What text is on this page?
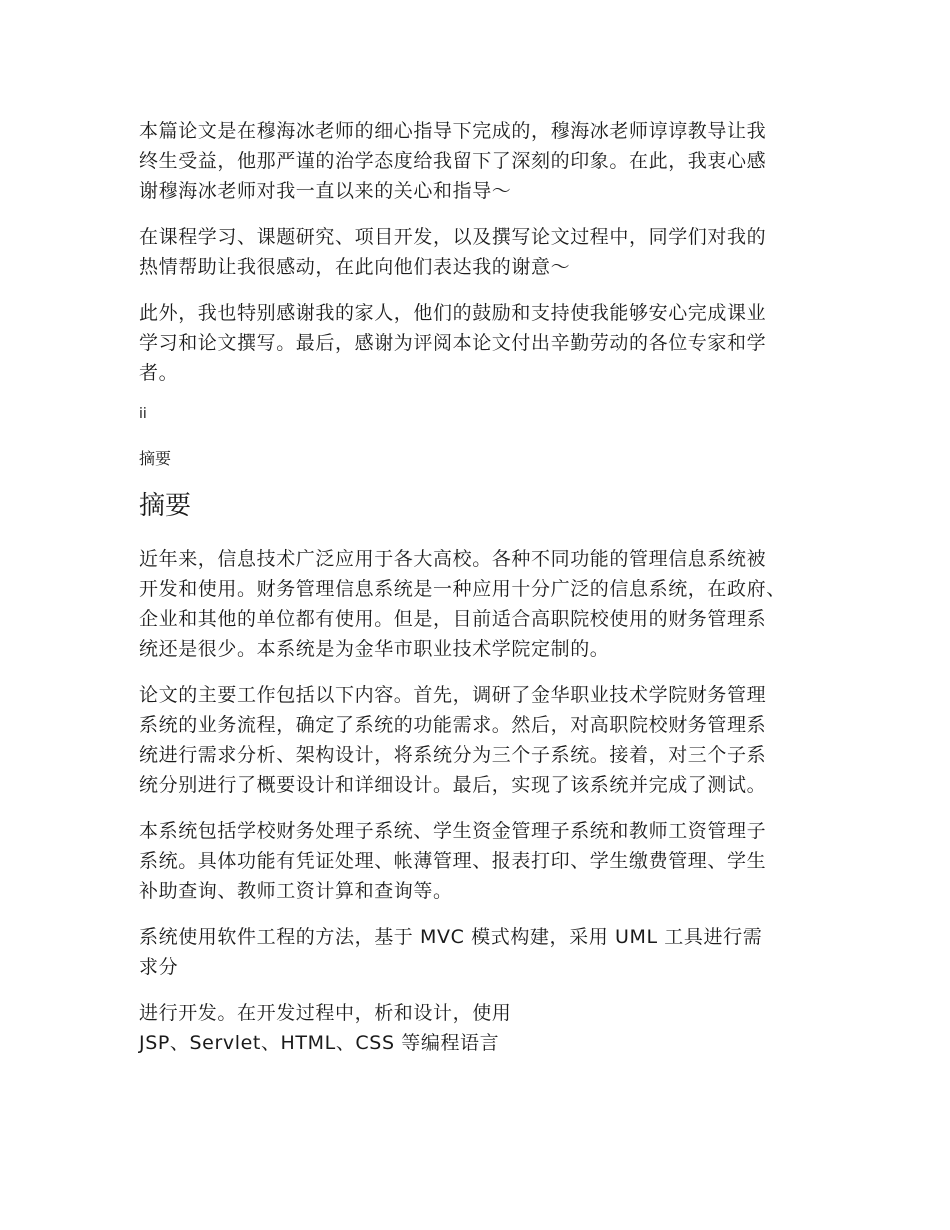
本篇论文是在穆海冰老师的细心指导下完成的，穆海冰老师谆谆教导让我
终生受益，他那严谨的治学态度给我留下了深刻的印象。在此，我衷心感
谢穆海冰老师对我一直以来的关心和指导～

在课程学习、课题研究、项目开发，以及撰写论文过程中，同学们对我的
热情帮助让我很感动，在此向他们表达我的谢意～

此外，我也特别感谢我的家人，他们的鼓励和支持使我能够安心完成课业
学习和论文撰写。最后，感谢为评阅本论文付出辛勤劳动的各位专家和学
者。

ii
摘要
摘要

近年来，信息技术广泛应用于各大高校。各种不同功能的管理信息系统被
开发和使用。财务管理信息系统是一种应用十分广泛的信息系统，在政府、
企业和其他的单位都有使用。但是，目前适合高职院校使用的财务管理系
统还是很少。本系统是为金华市职业技术学院定制的。

论文的主要工作包括以下内容。首先，调研了金华职业技术学院财务管理
系统的业务流程，确定了系统的功能需求。然后，对高职院校财务管理系
统进行需求分析、架构设计，将系统分为三个子系统。接着，对三个子系
统分别进行了概要设计和详细设计。最后，实现了该系统并完成了测试。

本系统包括学校财务处理子系统、学生资金管理子系统和教师工资管理子
系统。具体功能有凭证处理、帐薄管理、报表打印、学生缴费管理、学生
补助查询、教师工资计算和查询等。

系统使用软件工程的方法，基于 MVC 模式构建，采用 UML 工具进行需
求分

进行开发。在开发过程中，析和设计，使用
JSP、Servlet、HTML、CSS 等编程语言
